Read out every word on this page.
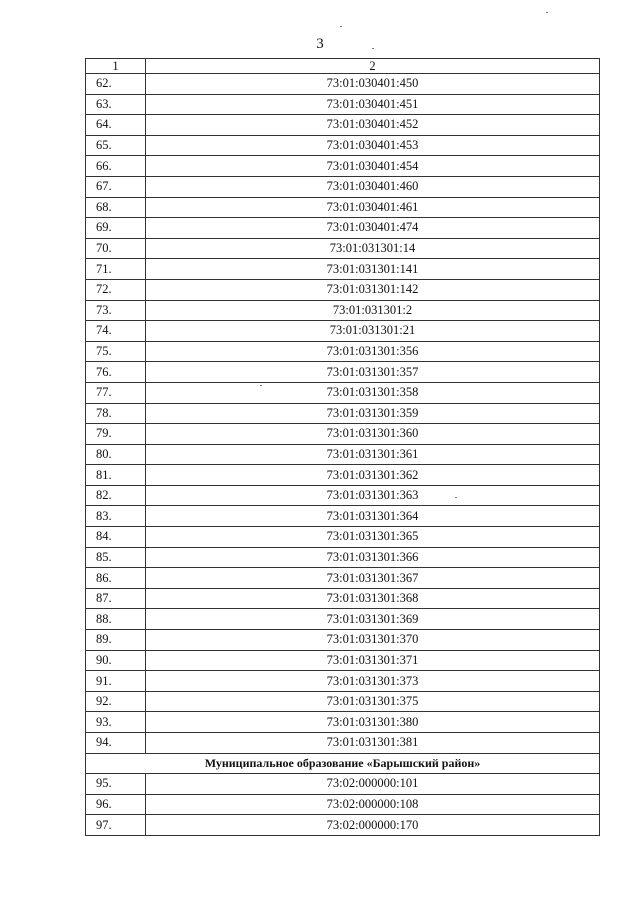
3
1	2
62.	73:01:030401:450
63.	73:01:030401:451
64.	73:01:030401:452
65.	73:01:030401:453
66.	73:01:030401:454
67.	73:01:030401:460
68.	73:01:030401:461
69.	73:01:030401:474
70.	73:01:031301:14
71.	73:01:031301:141
72.	73:01:031301:142
73.	73:01:031301:2
74.	73:01:031301:21
75.	73:01:031301:356
76.	73:01:031301:357
77.	73:01:031301:358
78.	73:01:031301:359
79.	73:01:031301:360
80.	73:01:031301:361
81.	73:01:031301:362
82.	73:01:031301:363
83.	73:01:031301:364
84.	73:01:031301:365
85.	73:01:031301:366
86.	73:01:031301:367
87.	73:01:031301:368
88.	73:01:031301:369
89.	73:01:031301:370
90.	73:01:031301:371
91.	73:01:031301:373
92.	73:01:031301:375
93.	73:01:031301:380
94.	73:01:031301:381
Муниципальное образование «Барышский район»	
95.	73:02:000000:101
96.	73:02:000000:108
97.	73:02:000000:170
